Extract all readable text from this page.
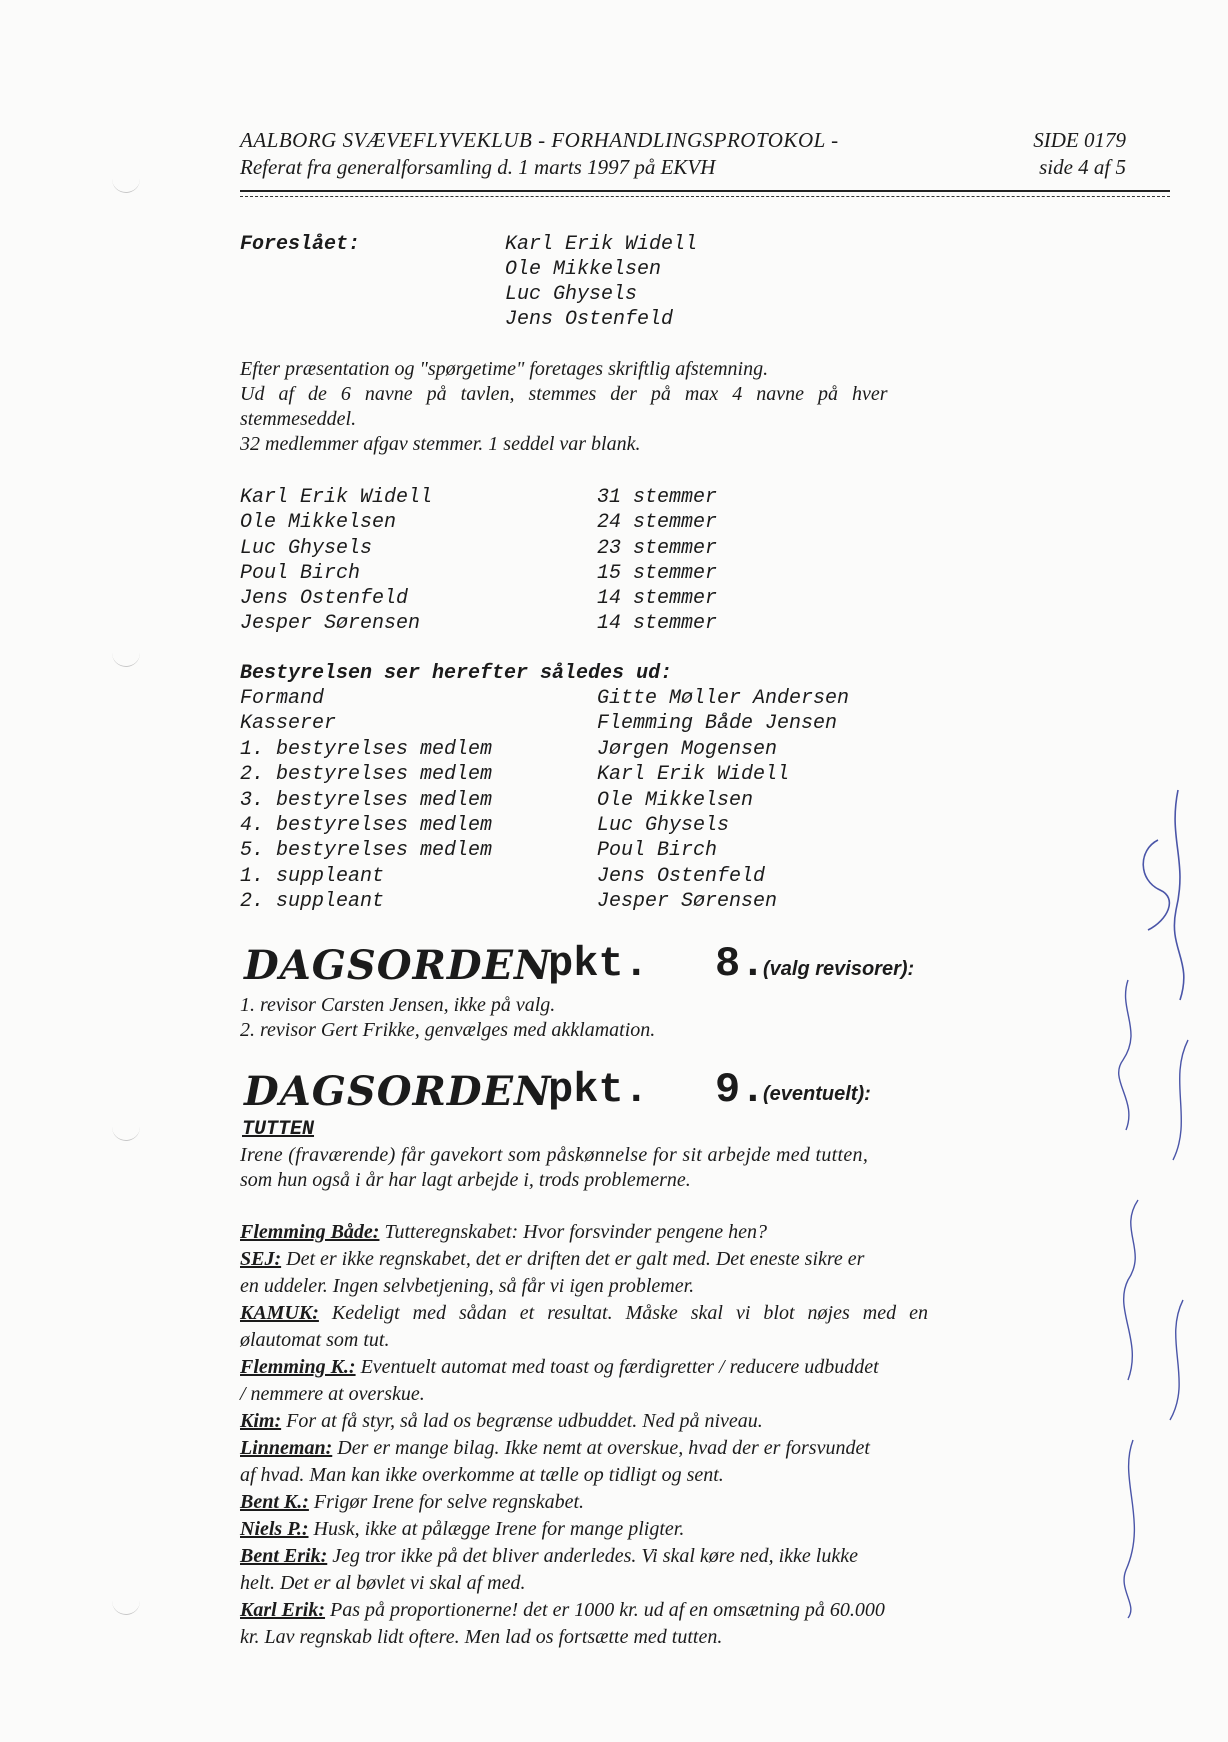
AALBORG SVÆVEFLYVEKLUB - FORHANDLINGSPROTOKOL -
Referat fra generalforsamling d. 1 marts 1997 på EKVH
SIDE 0179
side 4 af 5
Foreslået:	Karl Erik Widell
Ole Mikkelsen
Luc Ghysels
Jens Ostenfeld
Efter præsentation og "spørgetime" foretages skriftlig afstemning.
Ud af de 6 navne på tavlen, stemmes der på max 4 navne på hver
stemmeseddel.
32 medlemmer afgav stemmer. 1 seddel var blank.
Karl Erik Widell	31 stemmer
Ole Mikkelsen	24 stemmer
Luc Ghysels	23 stemmer
Poul Birch	15 stemmer
Jens Ostenfeld	14 stemmer
Jesper Sørensen	14 stemmer
Bestyrelsen ser herefter således ud:
Formand	Gitte Møller Andersen
Kasserer	Flemming Både Jensen
1. bestyrelses medlem	Jørgen Mogensen
2. bestyrelses medlem	Karl Erik Widell
3. bestyrelses medlem	Ole Mikkelsen
4. bestyrelses medlem	Luc Ghysels
5. bestyrelses medlem	Poul Birch
1. suppleant	Jens Ostenfeld
2. suppleant	Jesper Sørensen
DAGSORDEN
pkt. 8.
(valg revisorer):
1. revisor Carsten Jensen, ikke på valg.
2. revisor Gert Frikke, genvælges med akklamation.
DAGSORDEN
pkt. 9.
(eventuelt):
TUTTEN
Irene (fraværende) får gavekort som påskønnelse for sit arbejde med tutten,
som hun også i år har lagt arbejde i, trods problemerne.
Flemming Både: Tutteregnskabet: Hvor forsvinder pengene hen?
SEJ: Det er ikke regnskabet, det er driften det er galt med. Det eneste sikre er
en uddeler. Ingen selvbetjening, så får vi igen problemer.
KAMUK: Kedeligt med sådan et resultat. Måske skal vi blot nøjes med en
ølautomat som tut.
Flemming K.: Eventuelt automat med toast og færdigretter / reducere udbuddet
/ nemmere at overskue.
Kim: For at få styr, så lad os begrænse udbuddet. Ned på niveau.
Linneman: Der er mange bilag. Ikke nemt at overskue, hvad der er forsvundet
af hvad. Man kan ikke overkomme at tælle op tidligt og sent.
Bent K.: Frigør Irene for selve regnskabet.
Niels P.: Husk, ikke at pålægge Irene for mange pligter.
Bent Erik: Jeg tror ikke på det bliver anderledes. Vi skal køre ned, ikke lukke
helt. Det er al bøvlet vi skal af med.
Karl Erik: Pas på proportionerne! det er 1000 kr. ud af en omsætning på 60.000
kr. Lav regnskab lidt oftere. Men lad os fortsætte med tutten.
